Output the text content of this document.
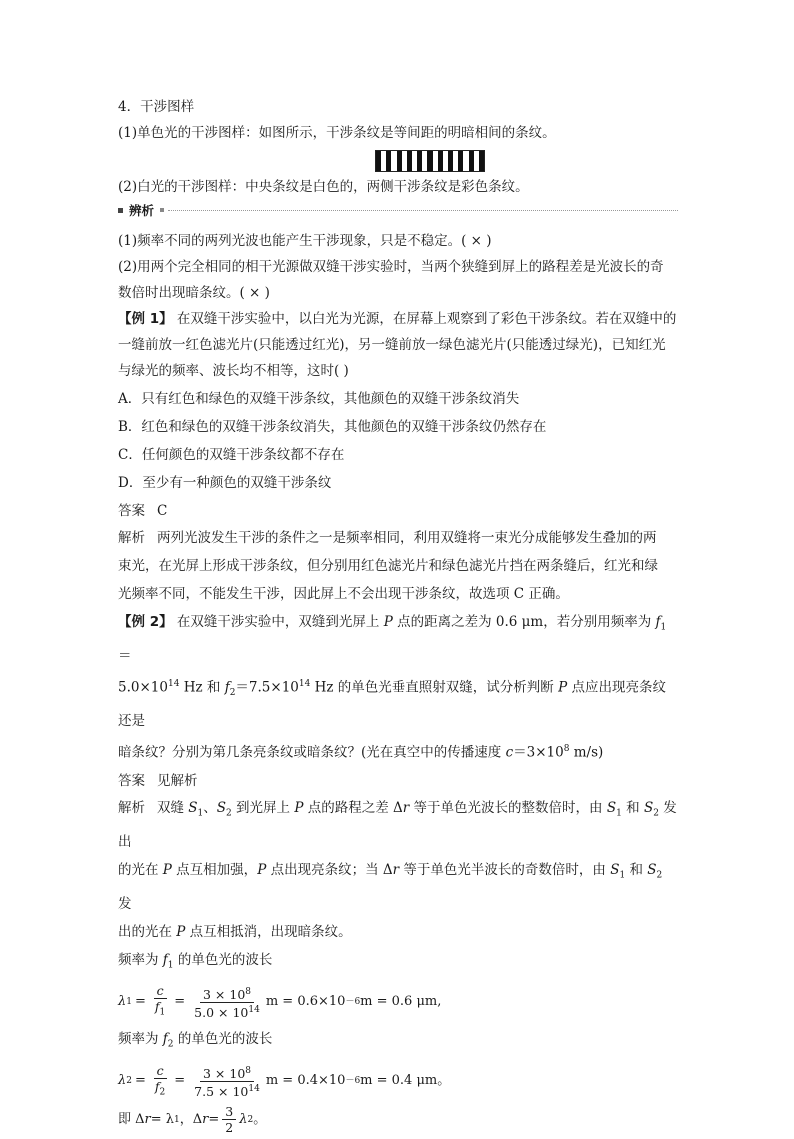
4．干涉图样
(1)单色光的干涉图样：如图所示，干涉条纹是等间距的明暗相间的条纹。
(2)白光的干涉图样：中央条纹是白色的，两侧干涉条纹是彩色条纹。
辨析
(1)频率不同的两列光波也能产生干涉现象，只是不稳定。( × )
(2)用两个完全相同的相干光源做双缝干涉实验时，当两个狭缝到屏上的路程差是光波长的奇
数倍时出现暗条纹。( × )
【例 1】 在双缝干涉实验中，以白光为光源，在屏幕上观察到了彩色干涉条纹。若在双缝中的
一缝前放一红色滤光片(只能透过红光)，另一缝前放一绿色滤光片(只能透过绿光)，已知红光
与绿光的频率、波长均不相等，这时( )
A．只有红色和绿色的双缝干涉条纹，其他颜色的双缝干涉条纹消失
B．红色和绿色的双缝干涉条纹消失，其他颜色的双缝干涉条纹仍然存在
C．任何颜色的双缝干涉条纹都不存在
D．至少有一种颜色的双缝干涉条纹
答案 C
解析 两列光波发生干涉的条件之一是频率相同，利用双缝将一束光分成能够发生叠加的两
束光，在光屏上形成干涉条纹，但分别用红色滤光片和绿色滤光片挡在两条缝后，红光和绿
光频率不同，不能发生干涉，因此屏上不会出现干涉条纹，故选项 C 正确。
【例 2】 在双缝干涉实验中，双缝到光屏上 P 点的距离之差为 0.6 μm，若分别用频率为 $f_1=$
$5.0\times 10^{14}$ Hz 和 $f_2=7.5\times 10^{14}$ Hz 的单色光垂直照射双缝，试分析判断 P 点应出现亮条纹还是
暗条纹？分别为第几条亮条纹或暗条纹？(光在真空中的传播速度 $c=3\times 10^8$ m/s)
答案 见解析
解析 双缝 $S_1$、$S_2$ 到光屏上 P 点的路程之差 Δr 等于单色光波长的整数倍时，由 $S_1$ 和 $S_2$ 发出
的光在 P 点互相加强，P 点出现亮条纹；当 Δr 等于单色光半波长的奇数倍时，由 $S_1$ 和 $S_2$ 发
出的光在 P 点互相抵消，出现暗条纹。
频率为 $f_1$ 的单色光的波长
λ $1 = \frac{c}{f_1} = \frac{3 \times 10^8}{5.0 \times 10^{14}}$ m = 0.6×10 －6 m = 0.6 μm,
频率为 $f_2$ 的单色光的波长
λ $2 = \frac{c}{f_2} = \frac{3 \times 10^8}{7.5 \times 10^{14}}$ m = 0.4×10 －6 m = 0.4 μm。
即 Δ r = λ 1 ，Δ $r = \frac{3}{2}$ λ 2 。
